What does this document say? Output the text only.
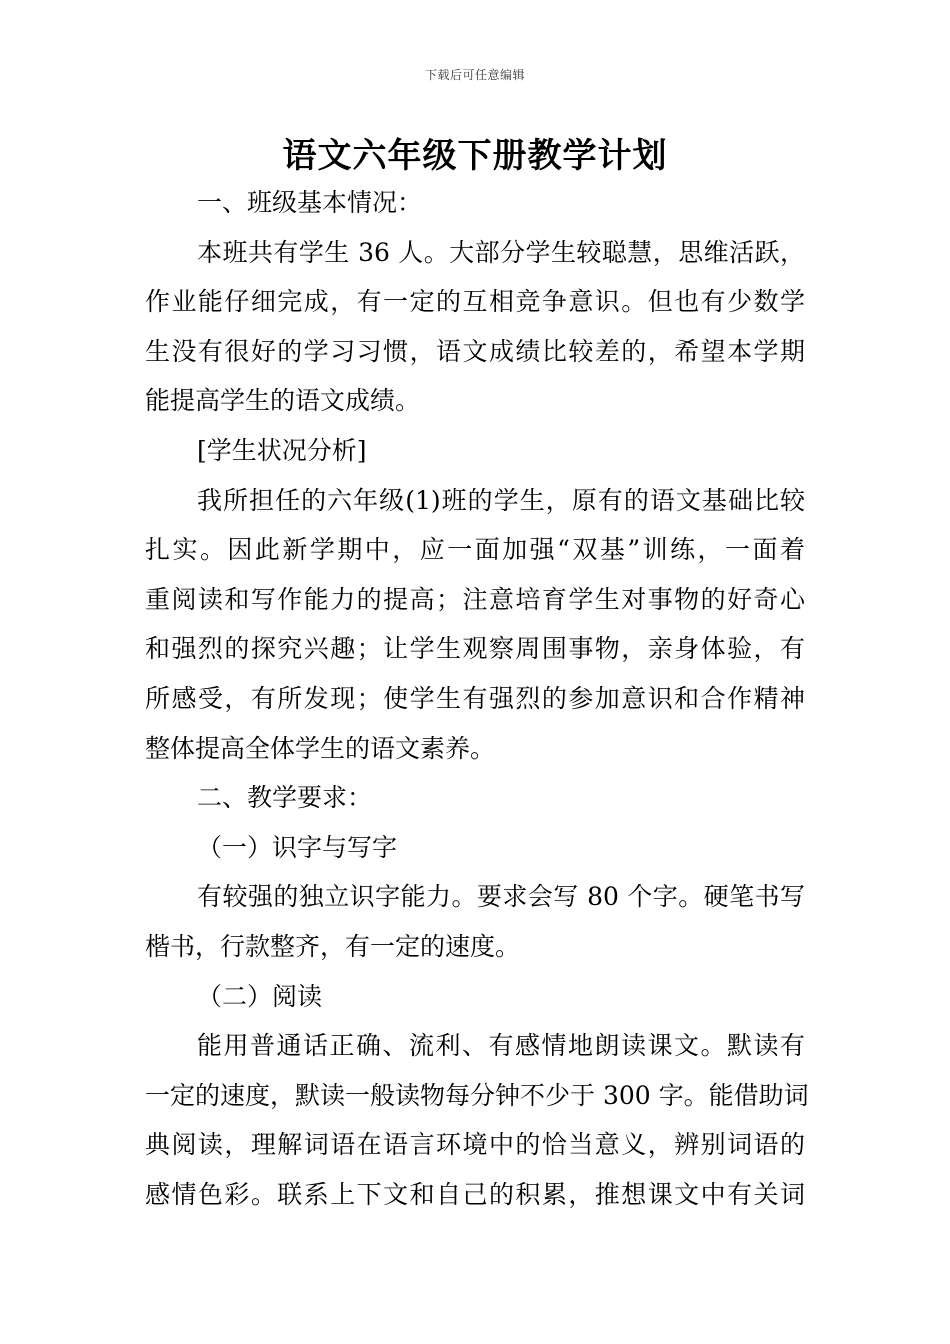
下载后可任意编辑
语文六年级下册教学计划
一、班级基本情况：
本班共有学生 36 人。大部分学生较聪慧，思维活跃，
作业能仔细完成，有一定的互相竞争意识。但也有少数学
生没有很好的学习习惯，语文成绩比较差的，希望本学期
能提高学生的语文成绩。
[学生状况分析]
我所担任的六年级(1)班的学生，原有的语文基础比较
扎实。因此新学期中，应一面加强“双基”训练，一面着
重阅读和写作能力的提高；注意培育学生对事物的好奇心
和强烈的探究兴趣；让学生观察周围事物，亲身体验，有
所感受，有所发现；使学生有强烈的参加意识和合作精神
整体提高全体学生的语文素养。
二、教学要求：
（一）识字与写字
有较强的独立识字能力。要求会写 80 个字。硬笔书写
楷书，行款整齐，有一定的速度。
（二）阅读
能用普通话正确、流利、有感情地朗读课文。默读有
一定的速度，默读一般读物每分钟不少于 300 字。能借助词
典阅读，理解词语在语言环境中的恰当意义，辨别词语的
感情色彩。联系上下文和自己的积累，推想课文中有关词
